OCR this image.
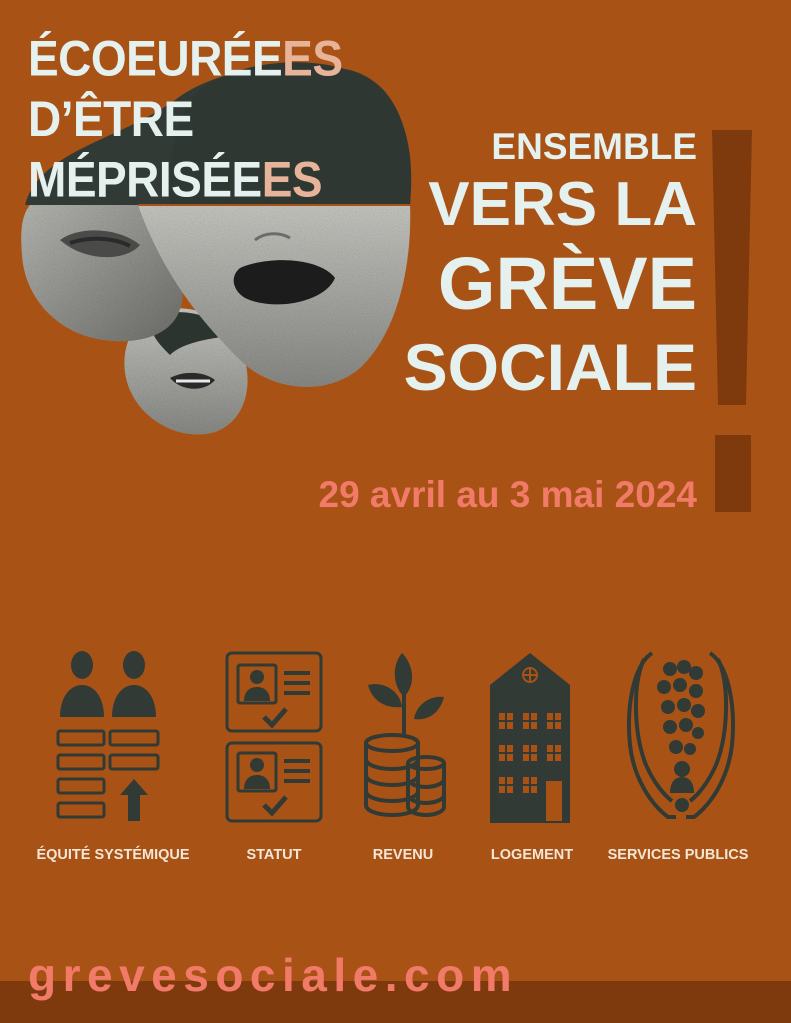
ÉCOEURÉEES
D’ÊTRE
MÉPRISÉEES
ENSEMBLE
VERS LA
GRÈVE
SOCIALE
29 avril au 3 mai 2024
ÉQUITÉ SYSTÉMIQUE	STATUT	REVENU	LOGEMENT SERVICES PUBLICS
grevesociale.com
